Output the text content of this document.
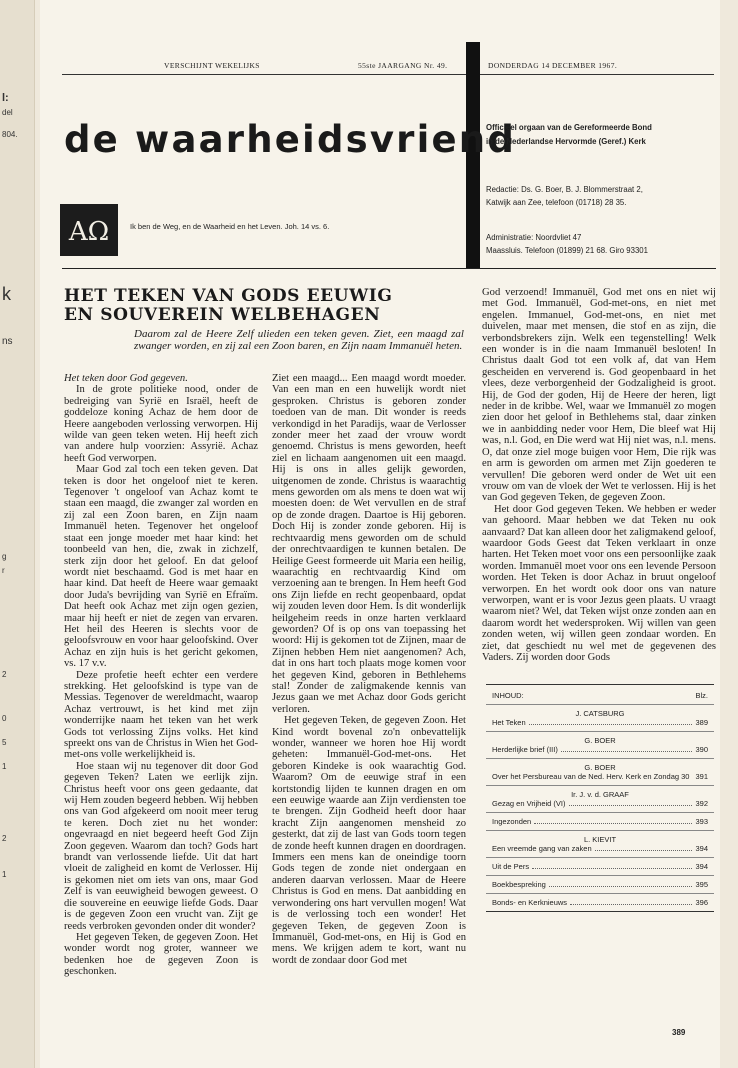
l:
del
804.
k
ns
g
r
2
0
5
1
2
1
VERSCHIJNT WEKELIJKS	55ste JAARGANG Nr. 49.	DONDERDAG 14 DECEMBER 1967.
de waarheidsvriend
AΩ	Ik ben de Weg, en de Waarheid en het Leven. Joh. 14 vs. 6.
Officieel orgaan van de Gereformeerde Bond
in de Nederlandse Hervormde (Geref.) Kerk
Redactie: Ds. G. Boer, B. J. Blommerstraat 2,
Katwijk aan Zee, telefoon (01718) 28 35.
Administratie: Noordvliet 47
Maassluis. Telefoon (01899) 21 68. Giro 93301
HET TEKEN VAN GODS EEUWIG
EN SOUVEREIN WELBEHAGEN
Daarom zal de Heere Zelf ulieden een teken geven. Ziet, een maagd zal zwanger worden, en zij zal een Zoon baren, en Zijn naam Immanuël heten.

Het teken door God gegeven.

In de grote politieke nood, onder de bedreiging van Syrië en Israël, heeft de goddeloze koning Achaz de hem door de Heere aangeboden verlossing verworpen. Hij wilde van geen teken weten. Hij heeft zich van andere hulp voorzien: Assyrië. Achaz heeft God verworpen.

Maar God zal toch een teken geven. Dat teken is door het ongeloof niet te keren. Tegenover 't ongeloof van Achaz komt te staan een maagd, die zwanger zal worden en zij zal een Zoon baren, en Zijn naam Immanuël heten. Tegenover het ongeloof staat een jonge moeder met haar kind: het toonbeeld van hen, die, zwak in zichzelf, sterk zijn door het geloof. En dat geloof wordt niet beschaamd. God is met haar en haar kind. Dat heeft de Heere waar gemaakt door Juda's bevrijding van Syrië en Efraïm. Dat heeft ook Achaz met zijn ogen gezien, maar hij heeft er niet de zegen van ervaren. Het heil des Heeren is slechts voor de geloofsvrouw en voor haar geloofskind. Over Achaz en zijn huis is het gericht gekomen, vs. 17 v.v.

Deze profetie heeft echter een verdere strekking. Het geloofskind is type van de Messias. Tegenover de wereldmacht, waarop Achaz vertrouwt, is het kind met zijn wonderrijke naam het teken van het werk Gods tot verlossing Zijns volks. Het kind spreekt ons van de Christus in Wien het God-met-ons volle werkelijkheid is.

Hoe staan wij nu tegenover dit door God gegeven Teken? Laten we eerlijk zijn. Christus heeft voor ons geen gedaante, dat wij Hem zouden begeerd hebben. Wij hebben ons van God afgekeerd om nooit meer terug te keren. Doch ziet nu het wonder: ongevraagd en niet begeerd heeft God Zijn Zoon gegeven. Waarom dan toch? Gods hart brandt van verlossende liefde. Uit dat hart vloeit de zaligheid en komt de Verlosser. Hij is gekomen niet om iets van ons, maar God Zelf is van eeuwigheid bewogen geweest. O die souvereine en eeuwige liefde Gods. Daar is de gegeven Zoon een vrucht van. Zijt ge reeds verbroken gevonden onder dit wonder?

Het gegeven Teken, de gegeven Zoon. Het wonder wordt nog groter, wanneer we bedenken hoe de gegeven Zoon is geschonken.

Ziet een maagd... Een maagd wordt moeder. Van een man en een huwelijk wordt niet gesproken. Christus is geboren zonder toedoen van de man. Dit wonder is reeds verkondigd in het Paradijs, waar de Verlosser zonder meer het zaad der vrouw wordt genoemd. Christus is mens geworden, heeft ziel en lichaam aangenomen uit een maagd. Hij is ons in alles gelijk geworden, uitgenomen de zonde. Christus is waarachtig mens geworden om als mens te doen wat wij moesten doen: de Wet vervullen en de straf op de zonde dragen. Daartoe is Hij geboren. Doch Hij is zonder zonde geboren. Hij is rechtvaardig mens geworden om de schuld der onrechtvaardigen te kunnen betalen. De Heilige Geest formeerde uit Maria een heilig, waarachtig en rechtvaardig Kind om verzoening aan te brengen. In Hem heeft God ons Zijn liefde en recht geopenbaard, opdat wij zouden leven door Hem. Is dit wonderlijk heilgeheim reeds in onze harten verklaard geworden? Of is op ons van toepassing het woord: Hij is gekomen tot de Zijnen, maar de Zijnen hebben Hem niet aangenomen? Ach, dat in ons hart toch plaats moge komen voor het gegeven Kind, geboren in Bethlehems stal! Zonder de zaligmakende kennis van Jezus gaan we met Achaz door Gods gericht verloren.

Het gegeven Teken, de gegeven Zoon. Het Kind wordt bovenal zo'n onbevattelijk wonder, wanneer we horen hoe Hij wordt geheten: Immanuël-God-met-ons. Het geboren Kindeke is ook waarachtig God. Waarom? Om de eeuwige straf in een kortstondig lijden te kunnen dragen en om een eeuwige waarde aan Zijn verdiensten toe te brengen. Zijn Godheid heeft door haar kracht Zijn aangenomen mensheid zo gesterkt, dat zij de last van Gods toorn tegen de zonde heeft kunnen dragen en doordragen. Immers een mens kan de oneindige toorn Gods tegen de zonde niet ondergaan en anderen daarvan verlossen. Maar de Heere Christus is God en mens. Dat aanbidding en verwondering ons hart vervullen mogen! Wat is de verlossing toch een wonder! Het gegeven Teken, de gegeven Zoon is Immanuël, God-met-ons, en Hij is God en mens. We krijgen adem te kort, want nu wordt de zondaar door God met

God verzoend! Immanuël, God met ons en niet wij met God. Immanuël, God-met-ons, en niet met engelen. Immanuel, God-met-ons, en niet met duivelen, maar met mensen, die stof en as zijn, die verbondsbrekers zijn. Welk een tegenstelling! Welk een wonder is in die naam Immanuël besloten! In Christus daalt God tot een volk af, dat van Hem gescheiden en ververend is. God geopenbaard in het vlees, deze verborgenheid der Godzaligheid is groot. Hij, de God der goden, Hij de Heere der heren, ligt neder in de kribbe. Wel, waar we Immanuël zo mogen zien door het geloof in Bethlehems stal, daar zinken we in aanbidding neder voor Hem, Die bleef wat Hij was, n.l. God, en Die werd wat Hij niet was, n.l. mens. O, dat onze ziel moge buigen voor Hem, Die rijk was en arm is geworden om armen met Zijn goederen te vervullen! Die geboren werd onder de Wet uit een vrouw om van de vloek der Wet te verlossen. Hij is het van God gegeven Teken, de gegeven Zoon.

Het door God gegeven Teken. We hebben er weder van gehoord. Maar hebben we dat Teken nu ook aanvaard? Dat kan alleen door het zaligmakend geloof, waardoor Gods Geest dat Teken verklaart in onze harten. Het Teken moet voor ons een persoonlijke zaak worden. Immanuël moet voor ons een levende Persoon worden. Het Teken is door Achaz in bruut ongeloof verworpen. En het wordt ook door ons van nature verworpen, want er is voor Jezus geen plaats. U vraagt waarom niet? Wel, dat Teken wijst onze zonden aan en daarom wordt het wedersproken. Wij willen van geen zonden weten, wij willen geen zondaar worden. En ziet, dat geschiedt nu wel met de gegevenen des Vaders. Zij worden door Gods

INHOUD:	Blz.
J. CATSBURG
Het Teken	389
G. BOER
Herderlijke brief (III)	390
G. BOER
Over het Persbureau van de Ned. Herv. Kerk en Zondag 30 391
Ir. J. v. d. GRAAF
Gezag en Vrijheid (VI)	392
Ingezonden	393
L. KIEVIT
Een vreemde gang van zaken	394
Uit de Pers	394
Boekbespreking	395
Bonds- en Kerknieuws	396
389
